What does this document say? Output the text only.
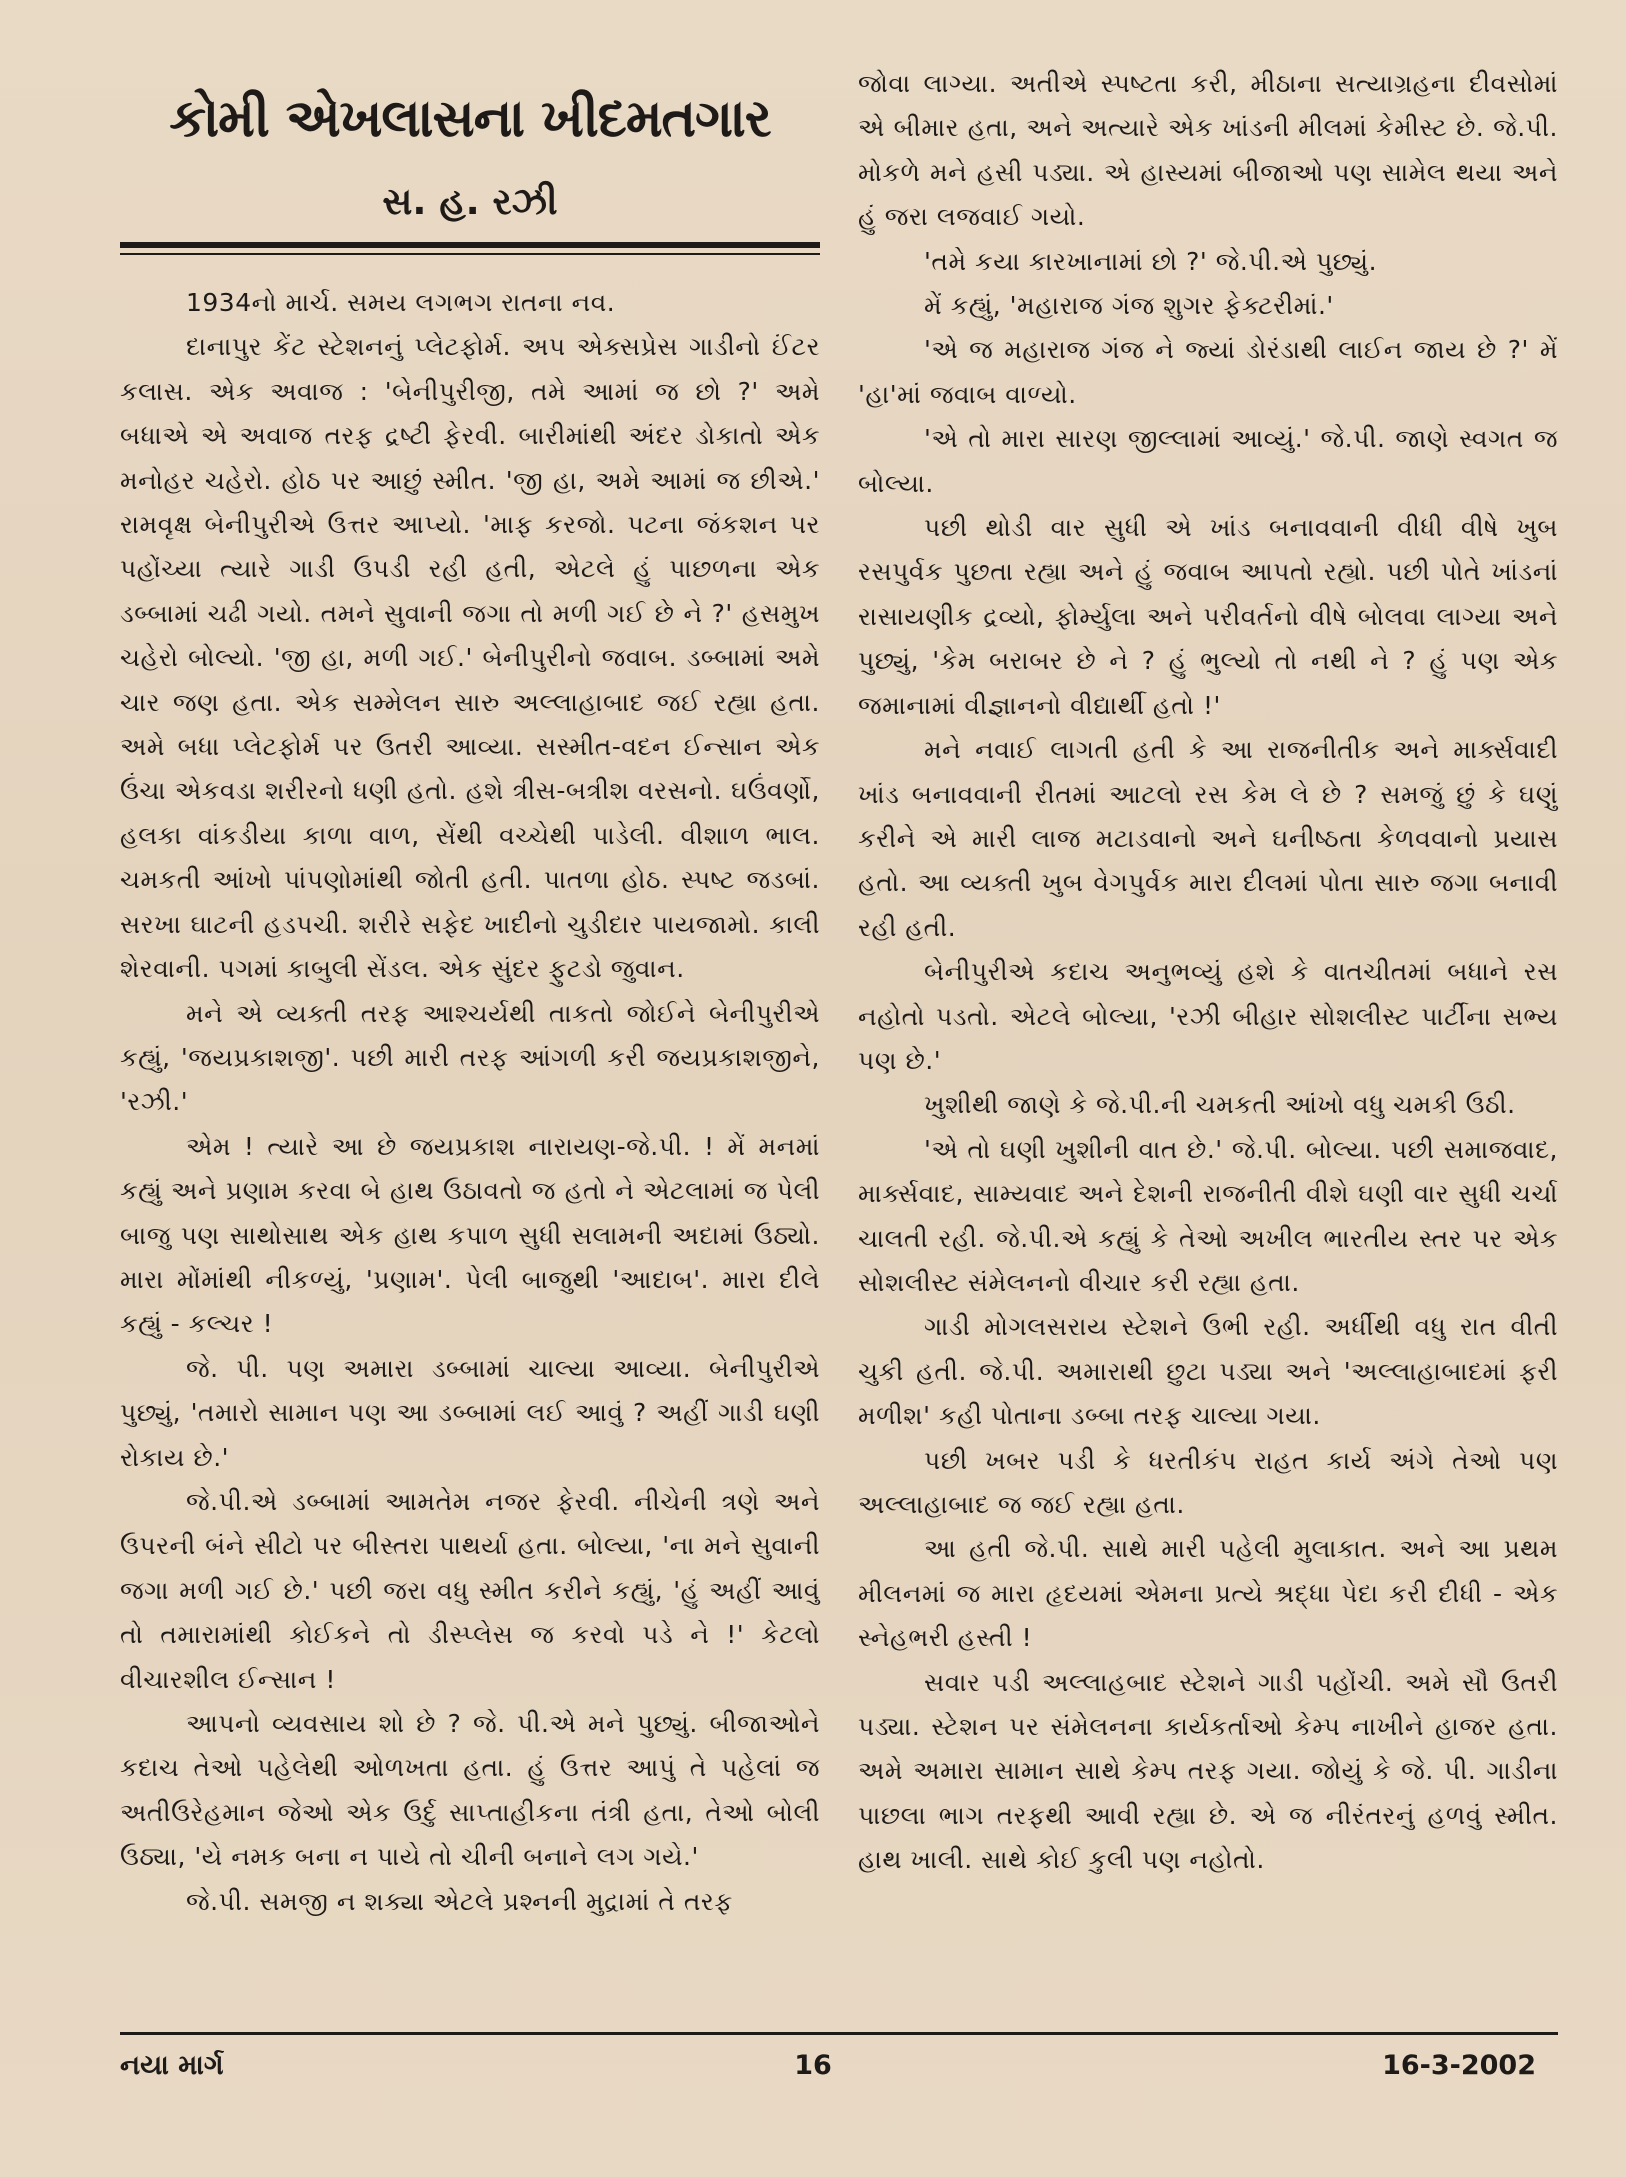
કોમી એખલાસના ખીદમતગાર
સ. હ. રઝી

1934નો માર્ચ. સમય લગભગ રાતના નવ.

દાનાપુર કેંટ સ્ટેશનનું પ્લેટફોર્મ. અપ એક્સપ્રેસ ગાડીનો ઈંટર કલાસ. એક અવાજ : 'બેનીપુરીજી, તમે આમાં જ છો ?' અમે બધાએ એ અવાજ તરફ દ્રષ્ટી ફેરવી. બારીમાંથી અંદર ડોકાતો એક મનોહર ચહેરો. હોઠ પર આછું સ્મીત. 'જી હા, અમે આમાં જ છીએ.' રામવૃક્ષ બેનીપુરીએ ઉત્તર આપ્યો. 'માફ કરજો. પટના જંકશન પર પહોંચ્યા ત્યારે ગાડી ઉપડી રહી હતી, એટલે હું પાછળના એક ડબ્બામાં ચઢી ગયો. તમને સુવાની જગા તો મળી ગઈ છે ને ?' હસમુખ ચહેરો બોલ્યો. 'જી હા, મળી ગઈ.' બેનીપુરીનો જવાબ. ડબ્બામાં અમે ચાર જણ હતા. એક સમ્મેલન સારુ અલ્લાહાબાદ જઈ રહ્યા હતા. અમે બધા પ્લેટફોર્મ પર ઉતરી આવ્યા. સસ્મીત-વદન ઈન્સાન એક ઉંચા એકવડા શરીરનો ધણી હતો. હશે ત્રીસ-બત્રીશ વરસનો. ઘઉંવર્ણો, હલકા વાંકડીયા કાળા વાળ, સેંથી વચ્ચેથી પાડેલી. વીશાળ ભાલ. ચમકતી આંખો પાંપણોમાંથી જોતી હતી. પાતળા હોઠ. સ્પષ્ટ જડબાં. સરખા ઘાટની હડપચી. શરીરે સફેદ ખાદીનો ચુડીદાર પાયજામો. કાલી શેરવાની. પગમાં કાબુલી સેંડલ. એક સુંદર ફુટડો જુવાન.

મને એ વ્યક્તી તરફ આશ્ચર્યથી તાકતો જોઈને બેનીપુરીએ કહ્યું, 'જયપ્રકાશજી'. પછી મારી તરફ આંગળી કરી જયપ્રકાશજીને, 'રઝી.'

એમ ! ત્યારે આ છે જયપ્રકાશ નારાયણ-જે.પી. ! મેં મનમાં કહ્યું અને પ્રણામ કરવા બે હાથ ઉઠાવતો જ હતો ને એટલામાં જ પેલી બાજુ પણ સાથોસાથ એક હાથ કપાળ સુધી સલામની અદામાં ઉઠ્યો. મારા મોંમાંથી નીકળ્યું, 'પ્રણામ'. પેલી બાજુથી 'આદાબ'. મારા દીલે કહ્યું - કલ્ચર !

જે. પી. પણ અમારા ડબ્બામાં ચાલ્યા આવ્યા. બેનીપુરીએ પુછ્યું, 'તમારો સામાન પણ આ ડબ્બામાં લઈ આવું ? અહીં ગાડી ઘણી રોકાય છે.'

જે.પી.એ ડબ્બામાં આમતેમ નજર ફેરવી. નીચેની ત્રણે અને ઉપરની બંને સીટો પર બીસ્તરા પાથર્યા હતા. બોલ્યા, 'ના મને સુવાની જગા મળી ગઈ છે.' પછી જરા વધુ સ્મીત કરીને કહ્યું, 'હું અહીં આવું તો તમારામાંથી કોઈકને તો ડીસ્પ્લેસ જ કરવો પડે ને !' કેટલો વીચારશીલ ઈન્સાન !

આપનો વ્યવસાય શો છે ? જે. પી.એ મને પુછ્યું. બીજાઓને કદાચ તેઓ પહેલેથી ઓળખતા હતા. હું ઉત્તર આપું તે પહેલાં જ અતીઉરેહમાન જેઓ એક ઉર્દુ સાપ્તાહીકના તંત્રી હતા, તેઓ બોલી ઉઠ્યા, 'યે નમક બના ન પાયે તો ચીની બનાને લગ ગયે.'

જે.પી. સમજી ન શક્યા એટલે પ્રશ્નની મુદ્રામાં તે તરફ

જોવા લાગ્યા. અતીએ સ્પષ્ટતા કરી, મીઠાના સત્યાગ્રહના દીવસોમાં એ બીમાર હતા, અને અત્યારે એક ખાંડની મીલમાં કેમીસ્ટ છે. જે.પી. મોકળે મને હસી પડ્યા. એ હાસ્યમાં બીજાઓ પણ સામેલ થયા અને હું જરા લજવાઈ ગયો.

'તમે કયા કારખાનામાં છો ?' જે.પી.એ પુછ્યું.

મેં કહ્યું, 'મહારાજ ગંજ શુગર ફેક્ટરીમાં.'

'એ જ મહારાજ ગંજ ને જ્યાં ડોરંડાથી લાઈન જાય છે ?' મેં 'હા'માં જવાબ વાળ્યો.

'એ તો મારા સારણ જીલ્લામાં આવ્યું.' જે.પી. જાણે સ્વગત જ બોલ્યા.

પછી થોડી વાર સુધી એ ખાંડ બનાવવાની વીધી વીષે ખુબ રસપુર્વક પુછતા રહ્યા અને હું જવાબ આપતો રહ્યો. પછી પોતે ખાંડનાં રાસાયણીક દ્રવ્યો, ફોર્મ્યુલા અને પરીવર્તનો વીષે બોલવા લાગ્યા અને પુછ્યું, 'કેમ બરાબર છે ને ? હું ભુલ્યો તો નથી ને ? હું પણ એક જમાનામાં વીજ્ઞાનનો વીદ્યાર્થી હતો !'

મને નવાઈ લાગતી હતી કે આ રાજનીતીક અને માર્ક્સવાદી ખાંડ બનાવવાની રીતમાં આટલો રસ કેમ લે છે ? સમજું છું કે ઘણું કરીને એ મારી લાજ મટાડવાનો અને ઘનીષ્ઠતા કેળવવાનો પ્રયાસ હતો. આ વ્યક્તી ખુબ વેગપુર્વક મારા દીલમાં પોતા સારુ જગા બનાવી રહી હતી.

બેનીપુરીએ કદાચ અનુભવ્યું હશે કે વાતચીતમાં બધાને રસ નહોતો પડતો. એટલે બોલ્યા, 'રઝી બીહાર સોશલીસ્ટ પાર્ટીના સભ્ય પણ છે.'

ખુશીથી જાણે કે જે.પી.ની ચમકતી આંખો વધુ ચમકી ઉઠી.

'એ તો ઘણી ખુશીની વાત છે.' જે.પી. બોલ્યા. પછી સમાજવાદ, માર્ક્સવાદ, સામ્યવાદ અને દેશની રાજનીતી વીશે ઘણી વાર સુધી ચર્ચા ચાલતી રહી. જે.પી.એ કહ્યું કે તેઓ અખીલ ભારતીય સ્તર પર એક સોશલીસ્ટ સંમેલનનો વીચાર કરી રહ્યા હતા.

ગાડી મોગલસરાય સ્ટેશને ઉભી રહી. અર્ધીથી વધુ રાત વીતી ચુકી હતી. જે.પી. અમારાથી છુટા પડ્યા અને 'અલ્લાહાબાદમાં ફરી મળીશ' કહી પોતાના ડબ્બા તરફ ચાલ્યા ગયા.

પછી ખબર પડી કે ધરતીકંપ રાહત કાર્ય અંગે તેઓ પણ અલ્લાહાબાદ જ જઈ રહ્યા હતા.

આ હતી જે.પી. સાથે મારી પહેલી મુલાકાત. અને આ પ્રથમ મીલનમાં જ મારા હૃદયમાં એમના પ્રત્યે શ્રદ્ધા પેદા કરી દીધી - એક સ્નેહભરી હસ્તી !

સવાર પડી અલ્લાહબાદ સ્ટેશને ગાડી પહોંચી. અમે સૌ ઉતરી પડ્યા. સ્ટેશન પર સંમેલનના કાર્યકર્તાઓ કેમ્પ નાખીને હાજર હતા. અમે અમારા સામાન સાથે કેમ્પ તરફ ગયા. જોયું કે જે. પી. ગાડીના પાછલા ભાગ તરફથી આવી રહ્યા છે. એ જ નીરંતરનું હળવું સ્મીત. હાથ ખાલી. સાથે કોઈ કુલી પણ નહોતો.

નયા માર્ગ	16	16-3-2002
